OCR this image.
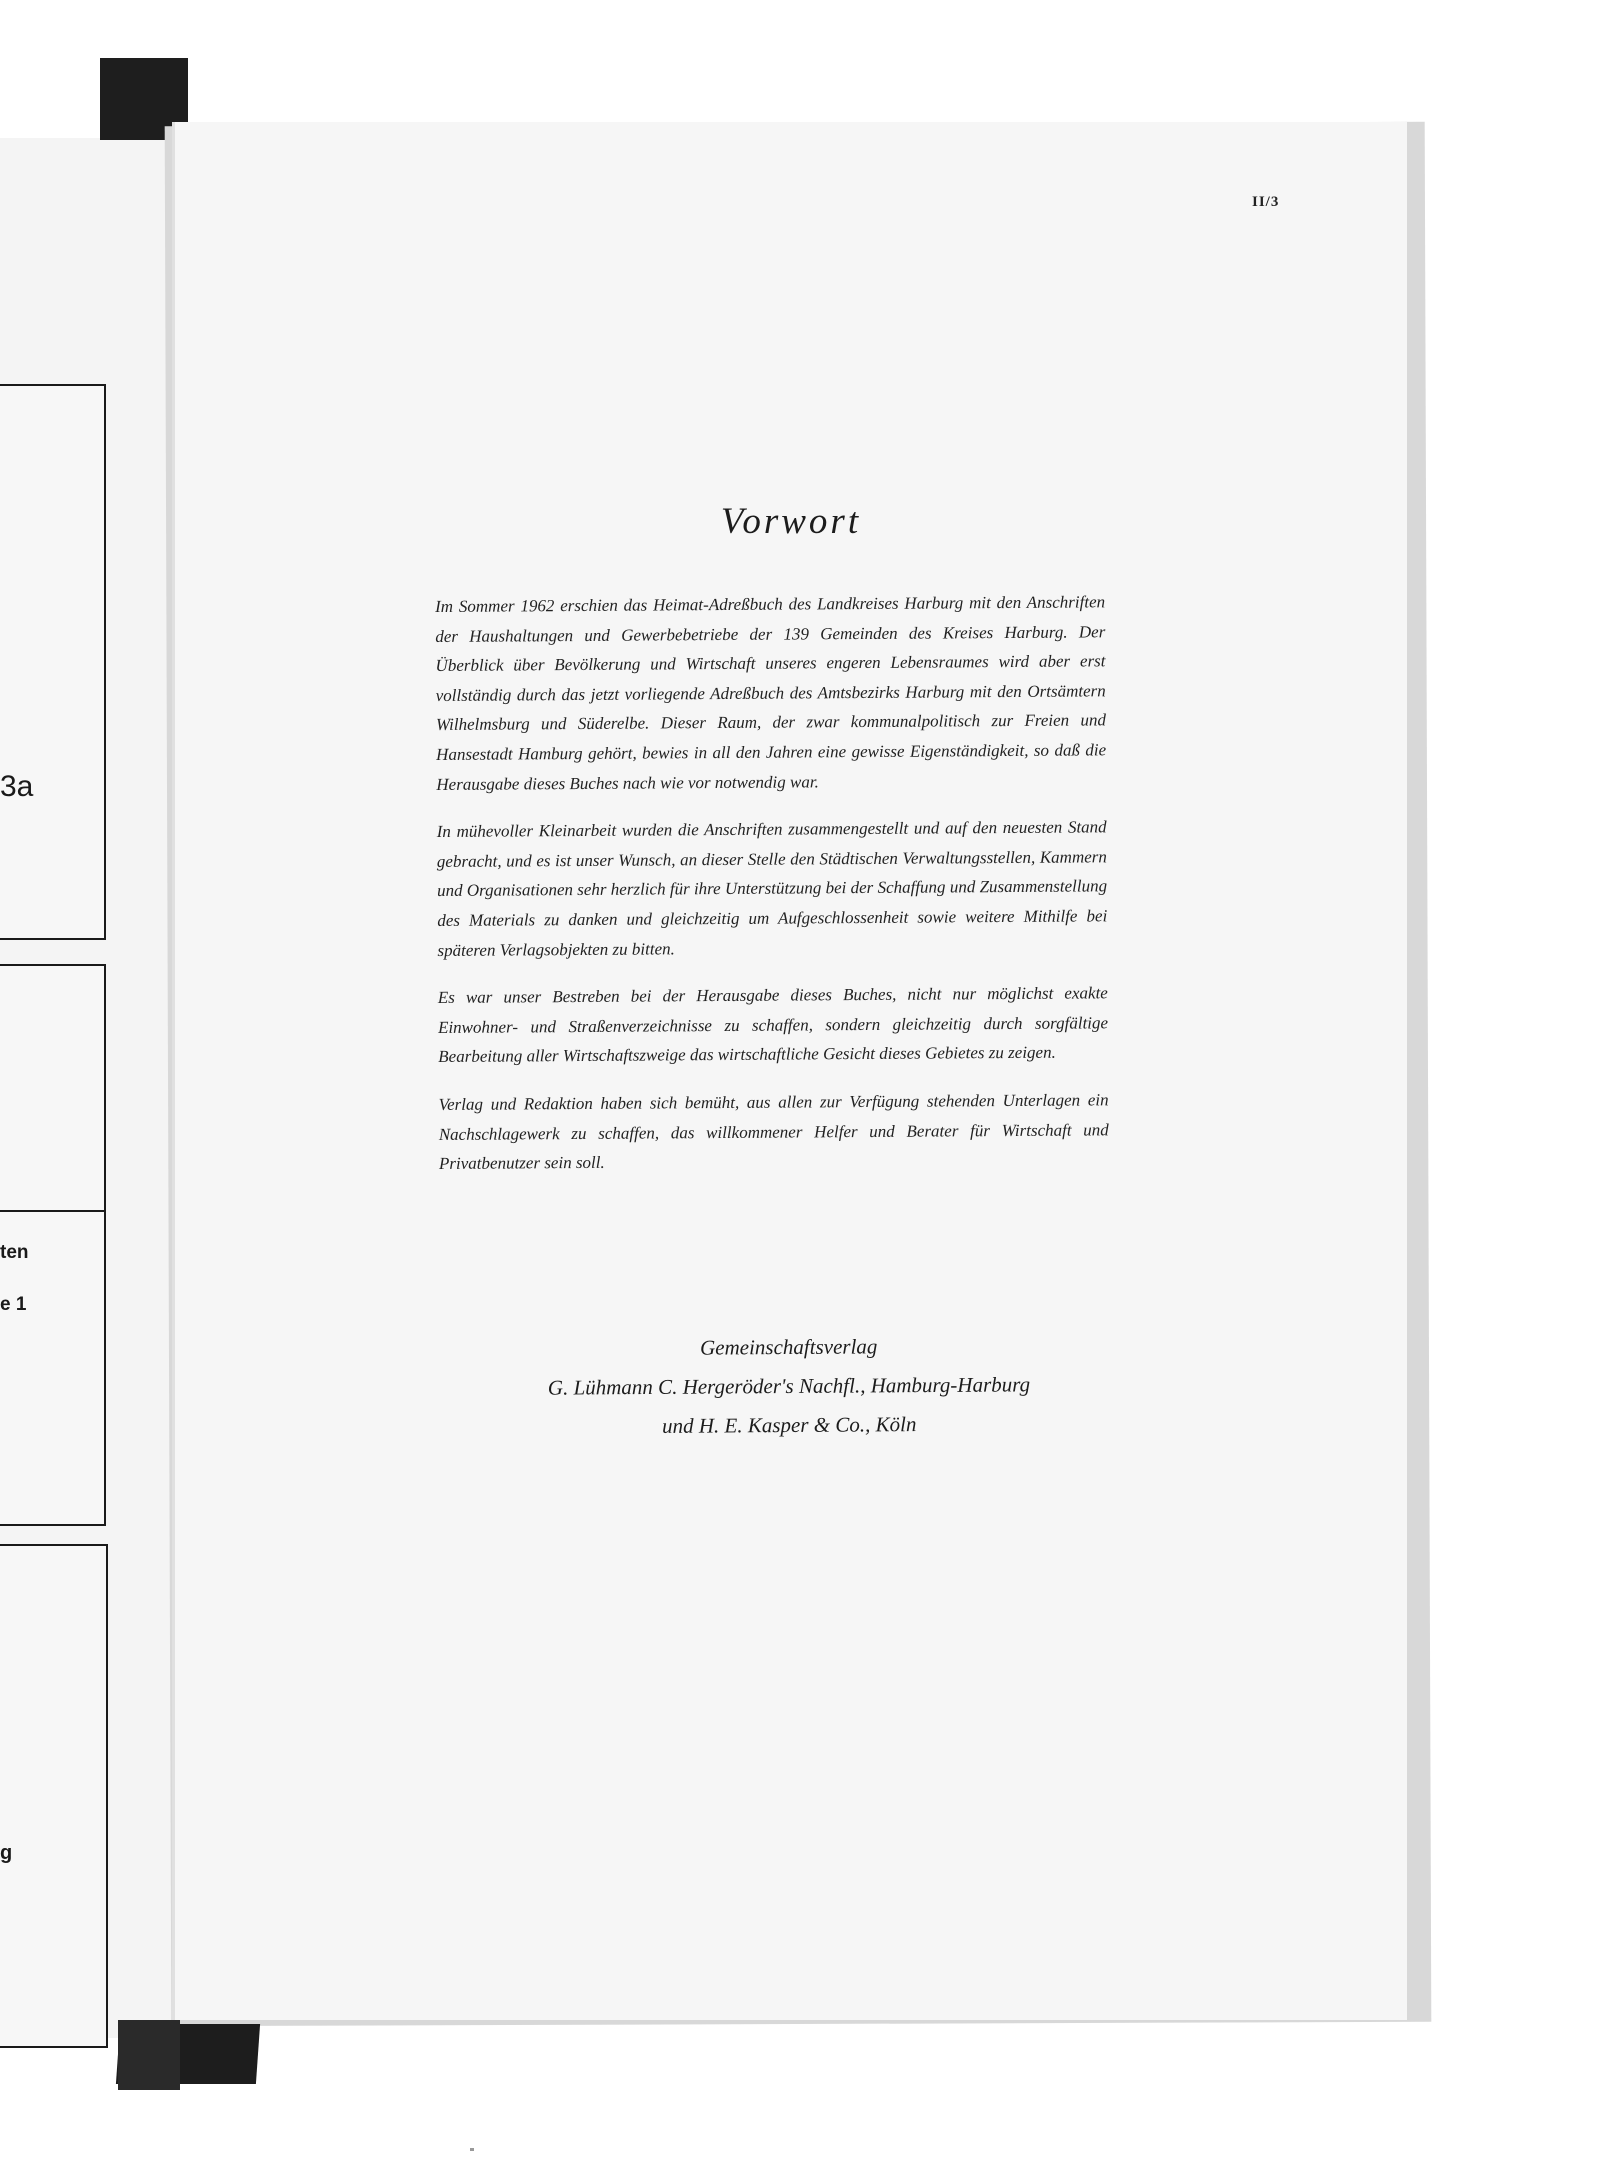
3a
ten
e 1
g
II/3
Vorwort

Im Sommer 1962 erschien das Heimat-Adreßbuch des Landkreises Harburg mit den Anschriften der Haushaltungen und Gewerbebetriebe der 139 Gemeinden des Kreises Harburg. Der Überblick über Bevölkerung und Wirtschaft unseres engeren Lebensraumes wird aber erst vollständig durch das jetzt vorliegende Adreßbuch des Amtsbezirks Harburg mit den Ortsämtern Wilhelmsburg und Süderelbe. Dieser Raum, der zwar kommunalpolitisch zur Freien und Hansestadt Hamburg gehört, bewies in all den Jahren eine gewisse Eigenständigkeit, so daß die Herausgabe dieses Buches nach wie vor notwendig war.

In mühevoller Kleinarbeit wurden die Anschriften zusammengestellt und auf den neuesten Stand gebracht, und es ist unser Wunsch, an dieser Stelle den Städtischen Verwaltungsstellen, Kammern und Organisationen sehr herzlich für ihre Unterstützung bei der Schaffung und Zusammenstellung des Materials zu danken und gleichzeitig um Aufgeschlossenheit sowie weitere Mithilfe bei späteren Verlagsobjekten zu bitten.

Es war unser Bestreben bei der Herausgabe dieses Buches, nicht nur möglichst exakte Einwohner- und Straßenverzeichnisse zu schaffen, sondern gleichzeitig durch sorgfältige Bearbeitung aller Wirtschaftszweige das wirtschaftliche Gesicht dieses Gebietes zu zeigen.

Verlag und Redaktion haben sich bemüht, aus allen zur Verfügung stehenden Unterlagen ein Nachschlagewerk zu schaffen, das willkommener Helfer und Berater für Wirtschaft und Privatbenutzer sein soll.

Gemeinschaftsverlag
G. Lühmann C. Hergeröder's Nachfl., Hamburg-Harburg
und H. E. Kasper & Co., Köln
